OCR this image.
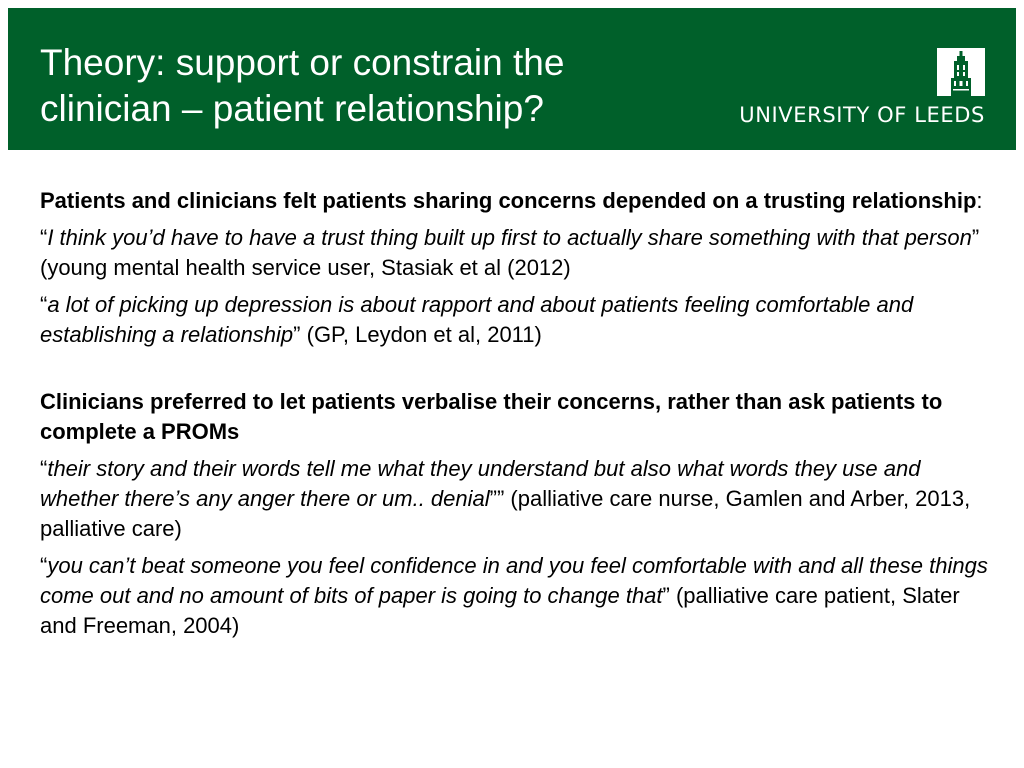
Theory: support or constrain the
clinician – patient relationship?	UNIVERSITY OF LEEDS

Patients and clinicians felt patients sharing concerns depended on a trusting relationship:

“I think you’d have to have a trust thing built up first to actually share something with that person” (young mental health service user, Stasiak et al (2012)

“a lot of picking up depression is about rapport and about patients feeling comfortable and establishing a relationship” (GP, Leydon et al, 2011)

Clinicians preferred to let patients verbalise their concerns, rather than ask patients to complete a PROMs

“their story and their words tell me what they understand but also what words they use and whether there’s any anger there or um.. denial”” (palliative care nurse, Gamlen and Arber, 2013, palliative care)

“you can’t beat someone you feel confidence in and you feel comfortable with and all these things come out and no amount of bits of paper is going to change that” (palliative care patient, Slater and Freeman, 2004)
